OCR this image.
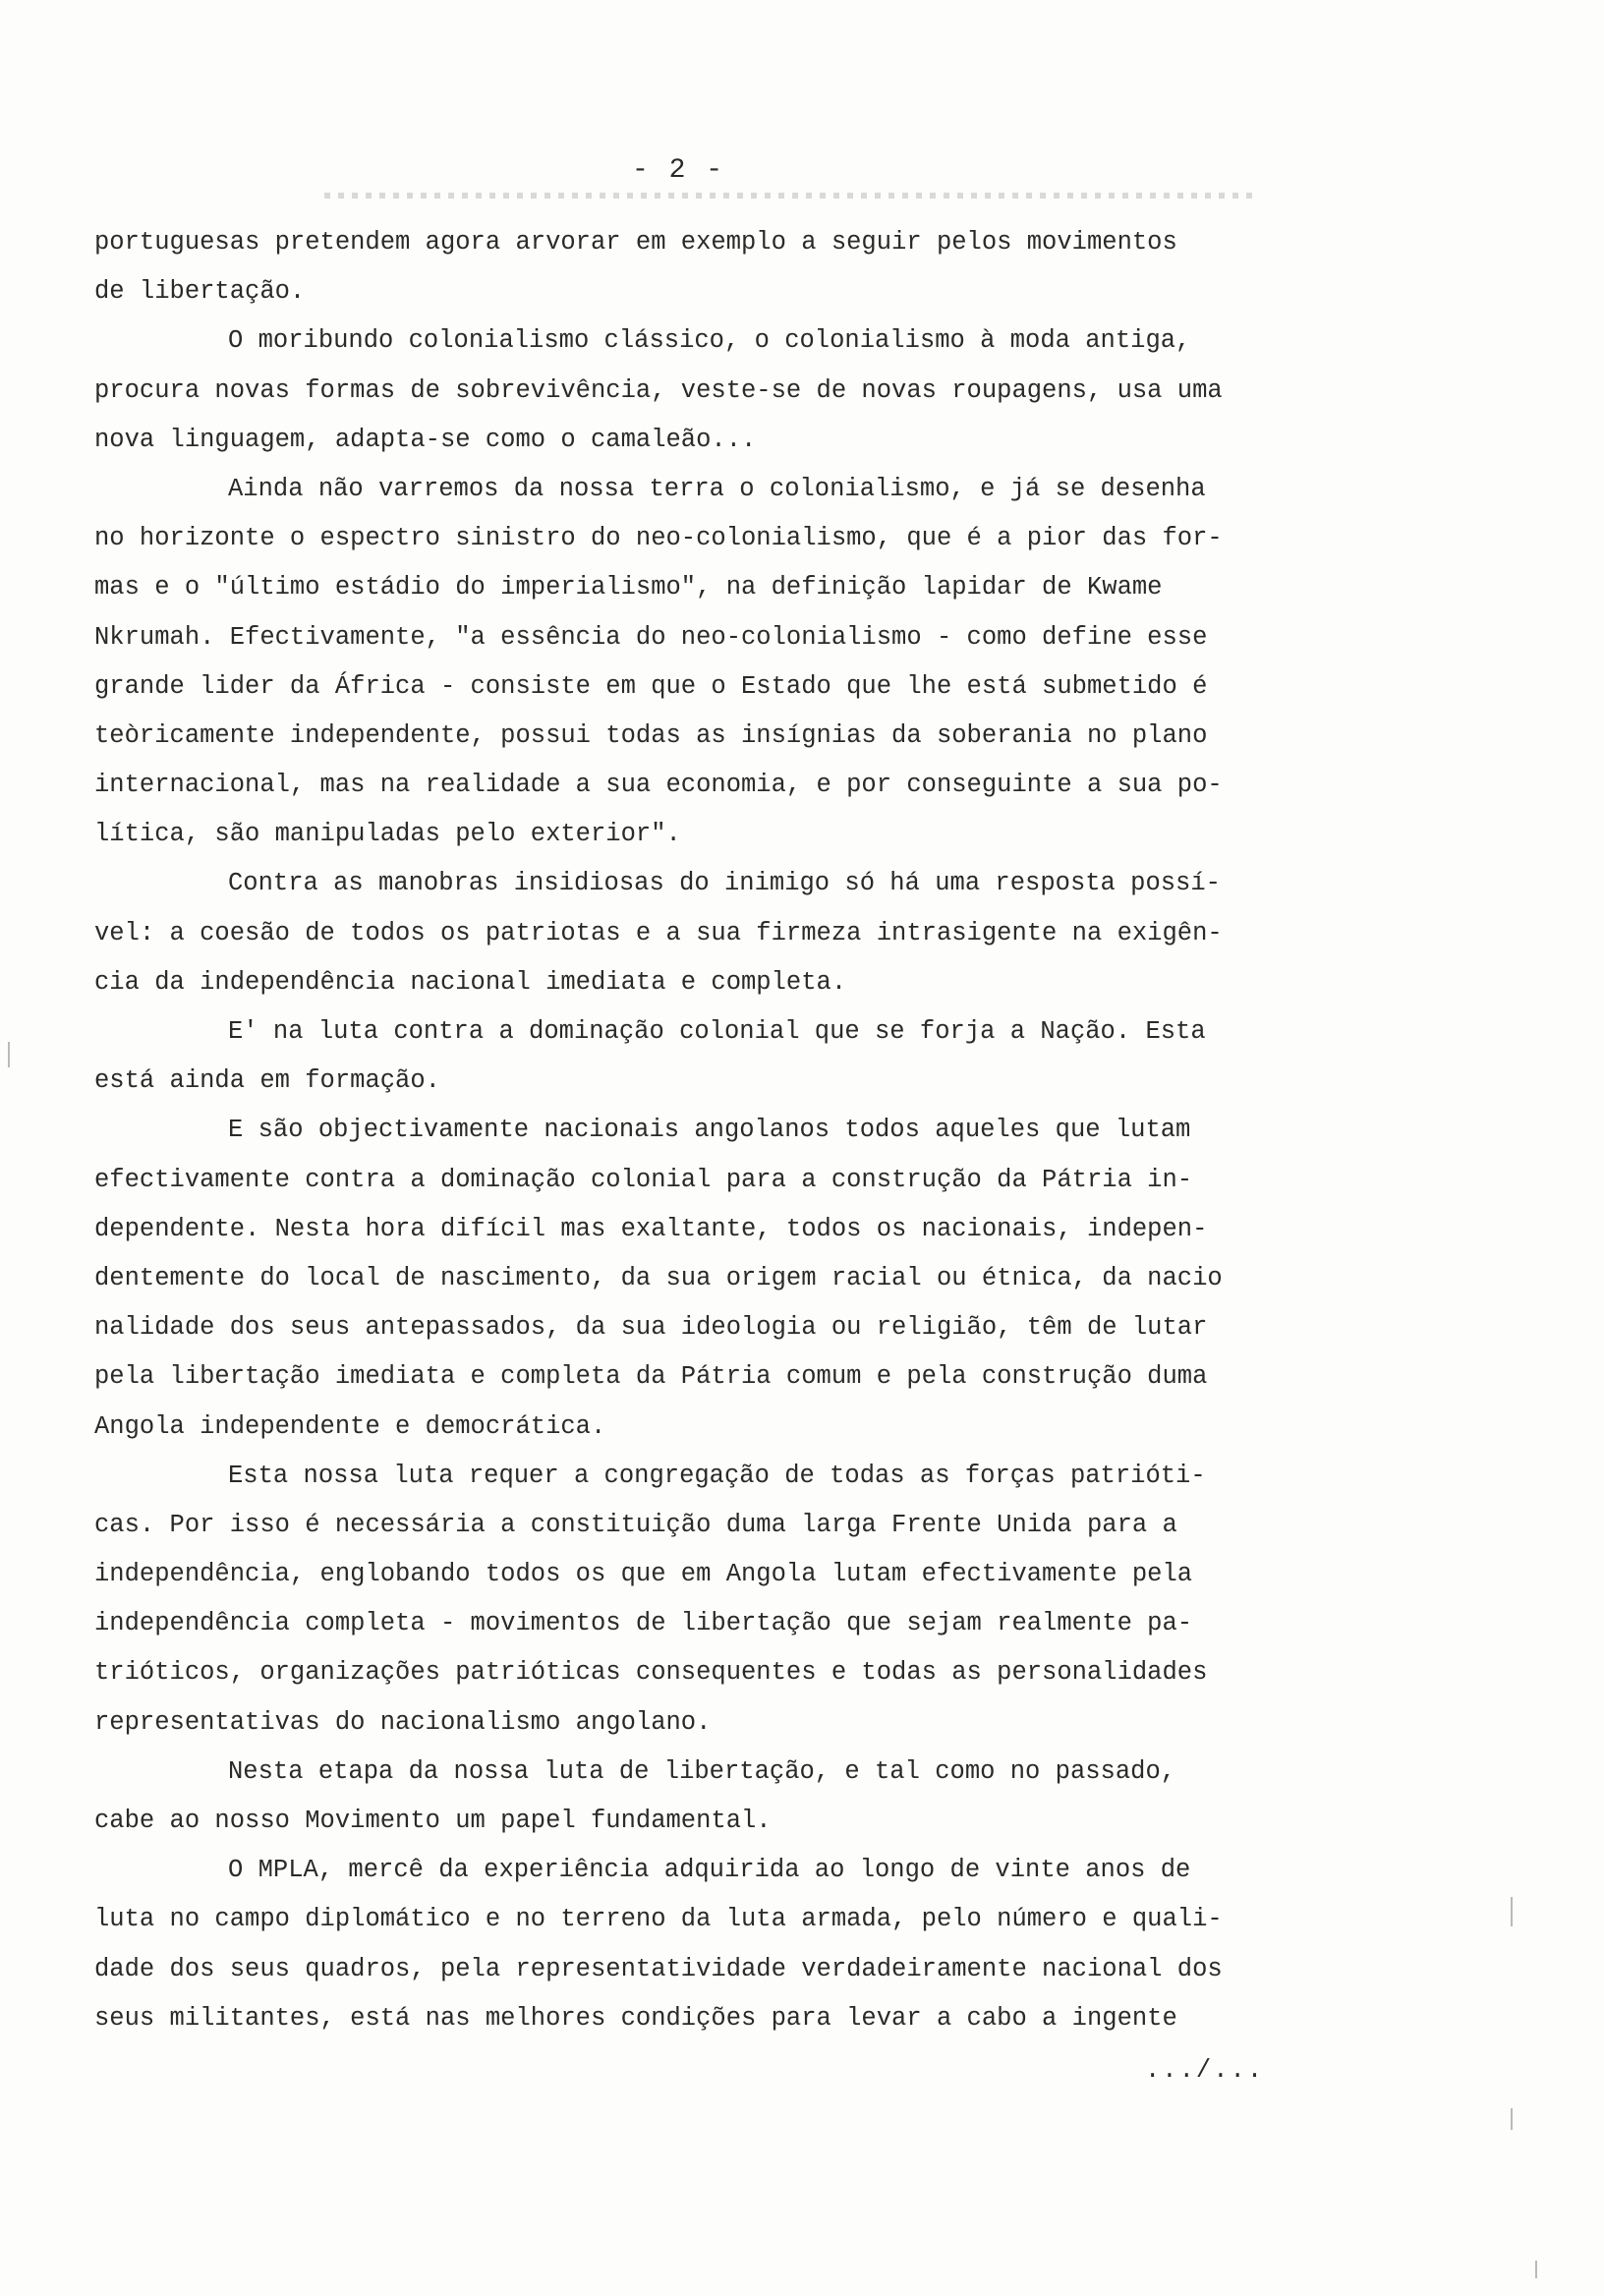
- 2 -
portuguesas pretendem agora arvorar em exemplo a seguir pelos movimentos
de libertação.
O moribundo colonialismo clássico, o colonialismo à moda antiga,
procura novas formas de sobrevivência, veste-se de novas roupagens, usa uma
nova linguagem, adapta-se como o camaleão...
Ainda não varremos da nossa terra o colonialismo, e já se desenha
no horizonte o espectro sinistro do neo-colonialismo, que é a pior das for-
mas e o "último estádio do imperialismo", na definição lapidar de Kwame
Nkrumah. Efectivamente, "a essência do neo-colonialismo - como define esse
grande lider da África - consiste em que o Estado que lhe está submetido é
teòricamente independente, possui todas as insígnias da soberania no plano
internacional, mas na realidade a sua economia, e por conseguinte a sua po-
lítica, são manipuladas pelo exterior".
Contra as manobras insidiosas do inimigo só há uma resposta possí-
vel: a coesão de todos os patriotas e a sua firmeza intrasigente na exigên-
cia da independência nacional imediata e completa.
E' na luta contra a dominação colonial que se forja a Nação. Esta
está ainda em formação.
E são objectivamente nacionais angolanos todos aqueles que lutam
efectivamente contra a dominação colonial para a construção da Pátria in-
dependente. Nesta hora difícil mas exaltante, todos os nacionais, indepen-
dentemente do local de nascimento, da sua origem racial ou étnica, da nacio
nalidade dos seus antepassados, da sua ideologia ou religião, têm de lutar
pela libertação imediata e completa da Pátria comum e pela construção duma
Angola independente e democrática.
Esta nossa luta requer a congregação de todas as forças patrióti-
cas. Por isso é necessária a constituição duma larga Frente Unida para a
independência, englobando todos os que em Angola lutam efectivamente pela
independência completa - movimentos de libertação que sejam realmente pa-
trióticos, organizações patrióticas consequentes e todas as personalidades
representativas do nacionalismo angolano.
Nesta etapa da nossa luta de libertação, e tal como no passado,
cabe ao nosso Movimento um papel fundamental.
O MPLA, mercê da experiência adquirida ao longo de vinte anos de
luta no campo diplomático e no terreno da luta armada, pelo número e quali-
dade dos seus quadros, pela representatividade verdadeiramente nacional dos
seus militantes, está nas melhores condições para levar a cabo a ingente
.../...
